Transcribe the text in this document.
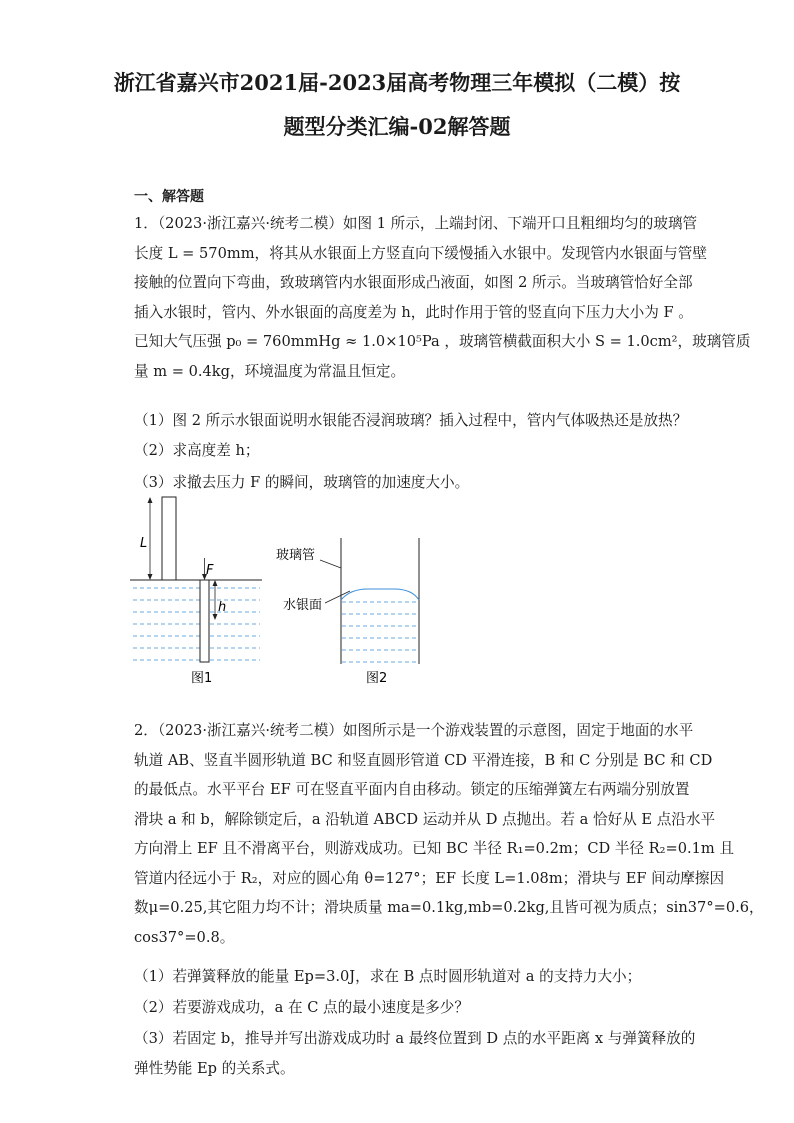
浙江省嘉兴市2021届-2023届高考物理三年模拟（二模）按
题型分类汇编-02解答题
一、解答题

1．（2023·浙江嘉兴·统考二模）如图 1 所示，上端封闭、下端开口且粗细均匀的玻璃管

长度 L = 570mm，将其从水银面上方竖直向下缓慢插入水银中。发现管内水银面与管壁

接触的位置向下弯曲，致玻璃管内水银面形成凸液面，如图 2 所示。当玻璃管恰好全部

插入水银时，管内、外水银面的高度差为 h，此时作用于管的竖直向下压力大小为 F 。

已知大气压强 p₀ = 760mmHg ≈ 1.0×10⁵Pa ，玻璃管横截面积大小 S = 1.0cm²，玻璃管质

量 m = 0.4kg，环境温度为常温且恒定。

（1）图 2 所示水银面说明水银能否浸润玻璃？插入过程中，管内气体吸热还是放热？
（2）求高度差 h；
（3）求撤去压力 F 的瞬间，玻璃管的加速度大小。
L
F
h
图1
玻璃管
水银面
图2

2．（2023·浙江嘉兴·统考二模）如图所示是一个游戏装置的示意图，固定于地面的水平

轨道 AB、竖直半圆形轨道 BC 和竖直圆形管道 CD 平滑连接，B 和 C 分别是 BC 和 CD

的最低点。水平平台 EF 可在竖直平面内自由移动。锁定的压缩弹簧左右两端分别放置

滑块 a 和 b，解除锁定后，a 沿轨道 ABCD 运动并从 D 点抛出。若 a 恰好从 E 点沿水平

方向滑上 EF 且不滑离平台，则游戏成功。已知 BC 半径 R₁=0.2m；CD 半径 R₂=0.1m 且

管道内径远小于 R₂，对应的圆心角 θ=127°；EF 长度 L=1.08m；滑块与 EF 间动摩擦因

数μ=0.25,其它阻力均不计；滑块质量 ma=0.1kg,mb=0.2kg,且皆可视为质点；sin37°=0.6，

cos37°=0.8。

（1）若弹簧释放的能量 Ep=3.0J，求在 B 点时圆形轨道对 a 的支持力大小；
（2）若要游戏成功，a 在 C 点的最小速度是多少？
（3）若固定 b，推导并写出游戏成功时 a 最终位置到 D 点的水平距离 x 与弹簧释放的
弹性势能 Ep 的关系式。
